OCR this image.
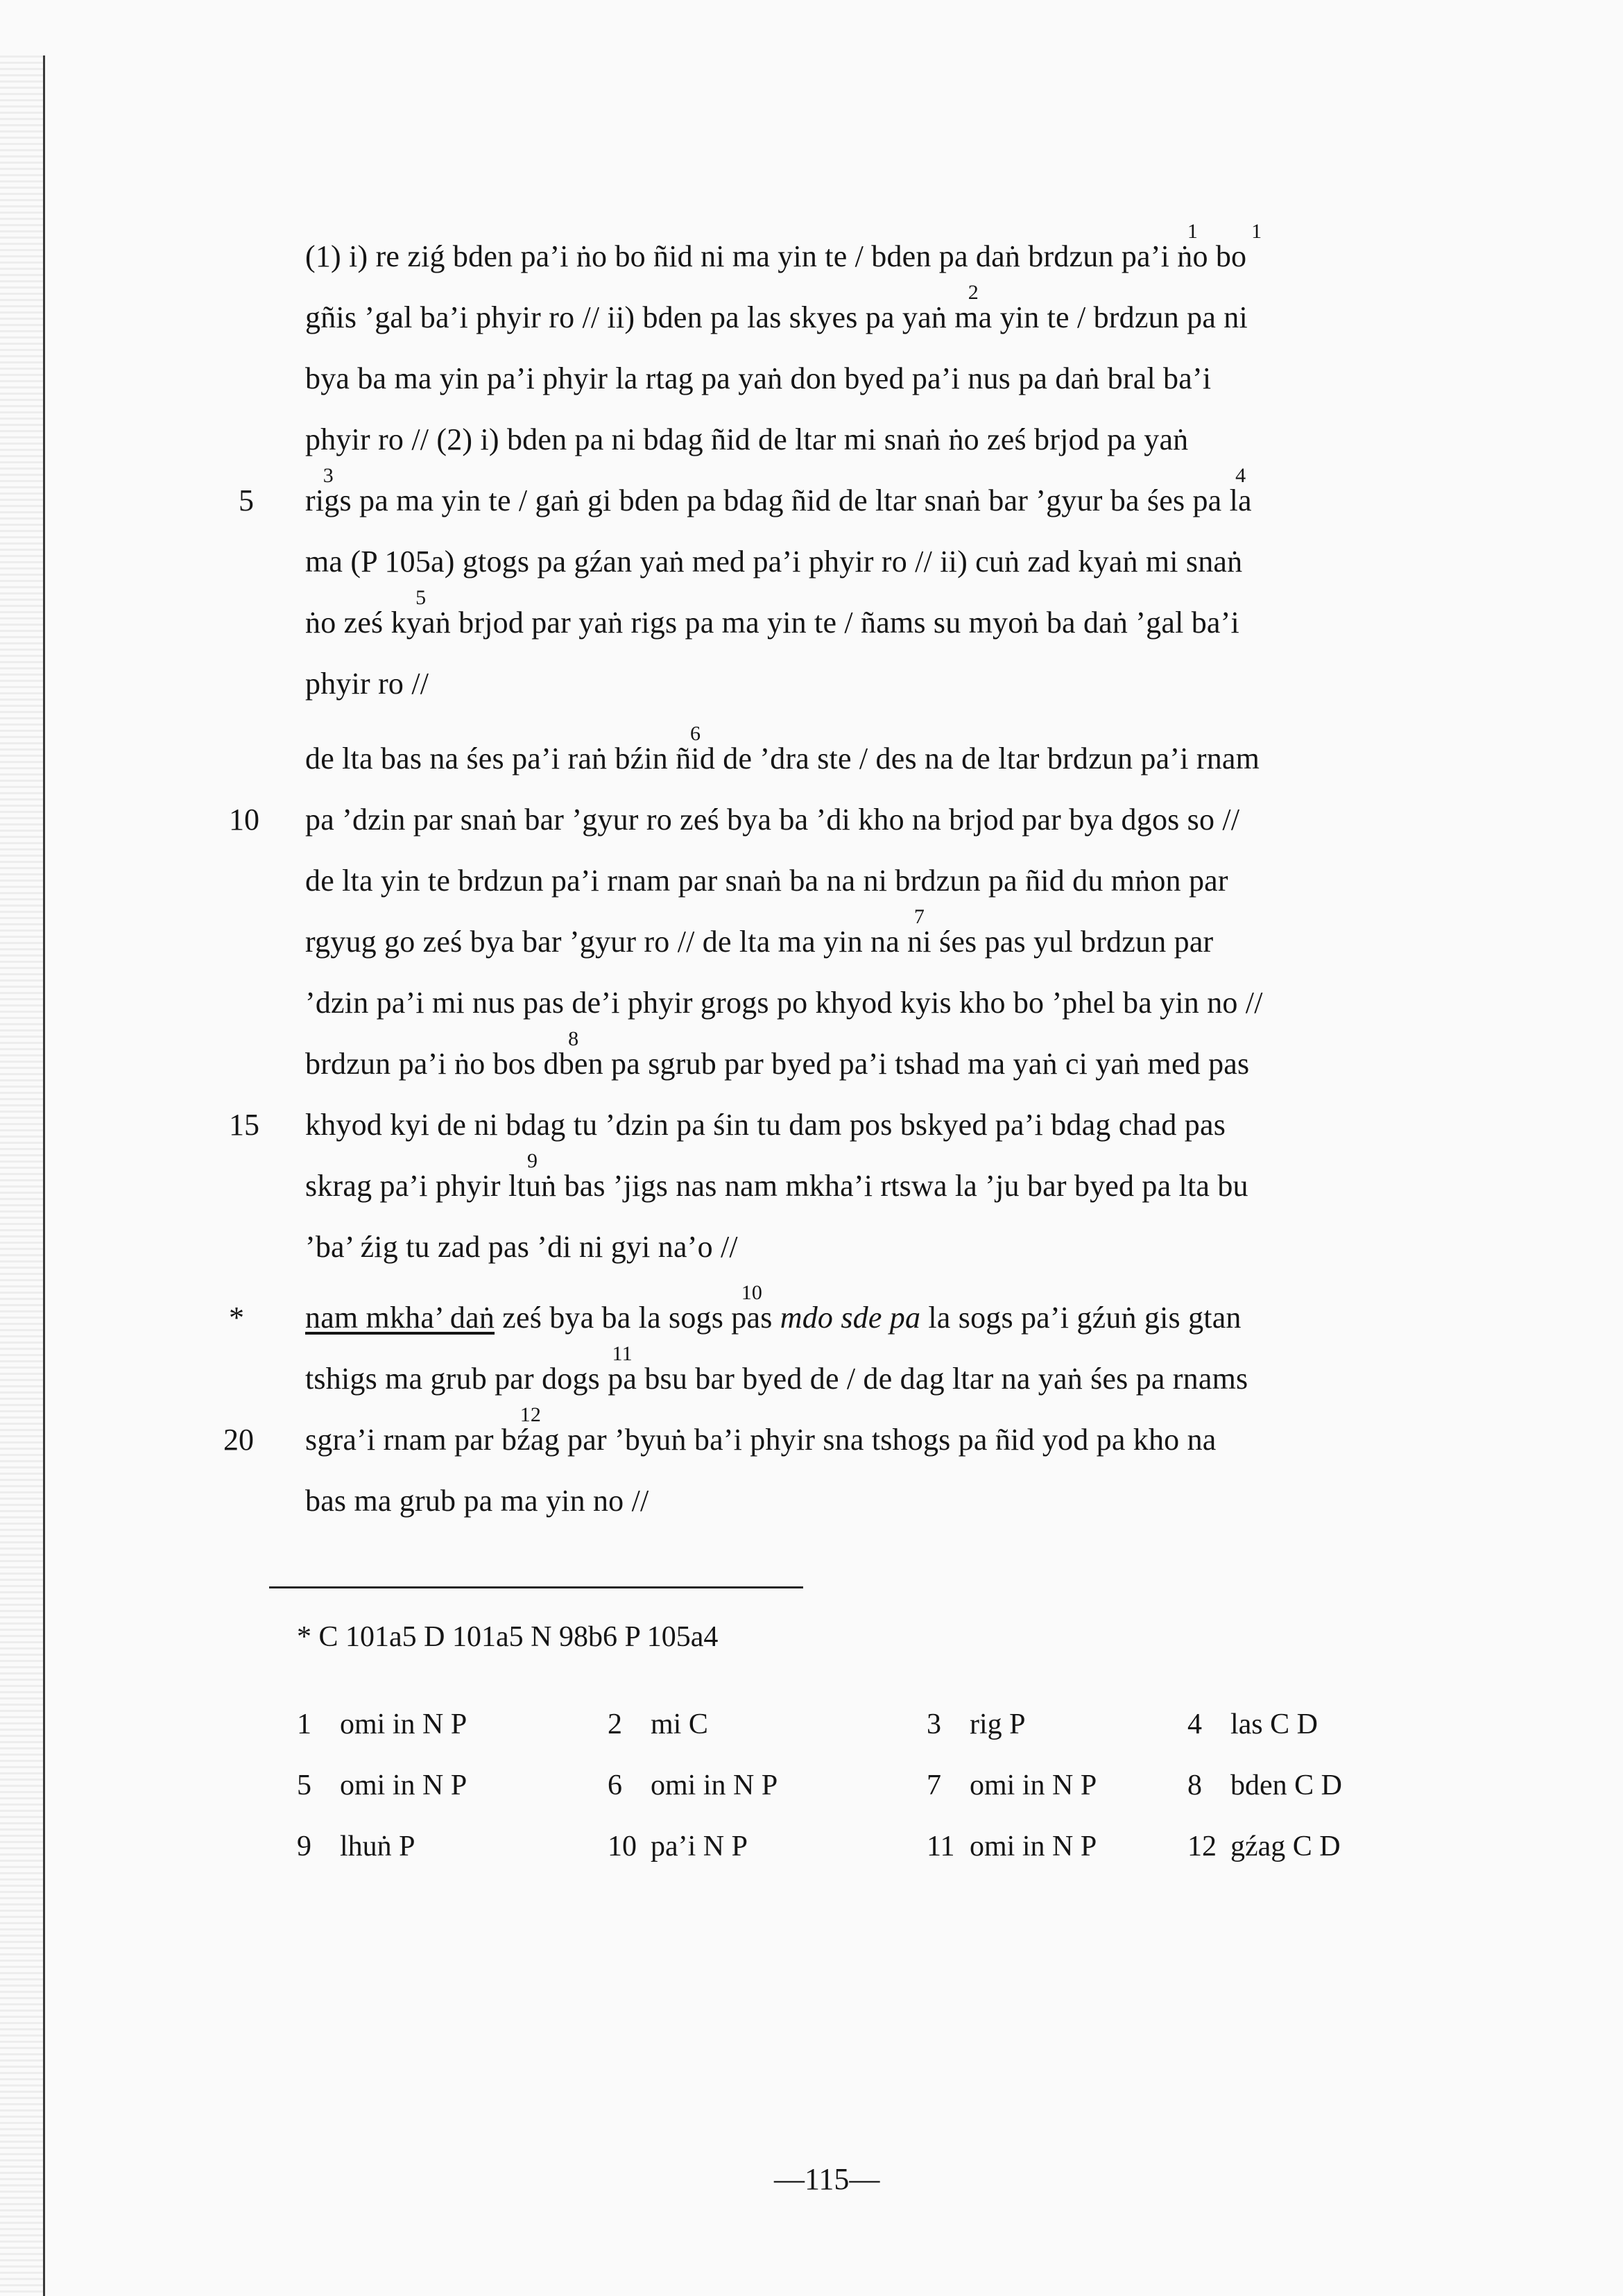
(1) i) re ziǵ bden pa’i ṅo bo ñid ni ma yin te / bden pa daṅ brdzun pa’i ṅo
1
bo
1
gñis ’gal ba’i phyir ro // ii) bden pa las skyes pa yaṅ ma
2
yin te / brdzun pa ni
bya ba ma yin pa’i phyir la rtag pa yaṅ don byed pa’i nus pa daṅ bral ba’i
phyir ro // (2) i) bden pa ni bdag ñid de ltar mi snaṅ ṅo ześ brjod pa yaṅ
rigs
3
pa ma yin te / gaṅ gi bden pa bdag ñid de ltar snaṅ bar ’gyur ba śes pa la
4
ma (P 105a) gtogs pa gźan yaṅ med pa’i phyir ro // ii) cuṅ zad kyaṅ mi snaṅ
ṅo ześ kyaṅ
5
brjod par yaṅ rigs pa ma yin te / ñams su myoṅ ba daṅ ’gal ba’i
phyir ro //
de lta bas na śes pa’i raṅ bźin ñid
6
de ’dra ste / des na de ltar brdzun pa’i rnam
pa ’dzin par snaṅ bar ’gyur ro ześ bya ba ’di kho na brjod par bya dgos so //
de lta yin te brdzun pa’i rnam par snaṅ ba na ni brdzun pa ñid du mṅon par
rgyug go ześ bya bar ’gyur ro // de lta ma yin na ni
7
śes pas yul brdzun par
’dzin pa’i mi nus pas de’i phyir grogs po khyod kyis kho bo ’phel ba yin no //
brdzun pa’i ṅo bos dben
8
pa sgrub par byed pa’i tshad ma yaṅ ci yaṅ med pas
khyod kyi de ni bdag tu ’dzin pa śin tu dam pos bskyed pa’i bdag chad pas
skrag pa’i phyir ltuṅ
9
bas ’jigs nas nam mkha’i rtswa la ’ju bar byed pa lta bu
’ba’ źig tu zad pas ’di ni gyi na’o //
nam mkha’ daṅ ześ bya ba la sogs pas
10
mdo sde pa la sogs pa’i gźuṅ gis gtan
tshigs ma grub par dogs pa
11
bsu bar byed de / de dag ltar na yaṅ śes pa rnams
sgra’i rnam par bźag
12
par ’byuṅ ba’i phyir sna tshogs pa ñid yod pa kho na
bas ma grub pa ma yin no //
5
10
15
*
20
* C 101a5 D 101a5 N 98b6 P 105a4
1 omi in N P	2 mi C	3 rig P	4 las C D
5 omi in N P	6 omi in N P	7 omi in N P	8 bden C D
9 lhuṅ P	10 pa’i N P	11 omi in N P	12 gźag C D
—115—
